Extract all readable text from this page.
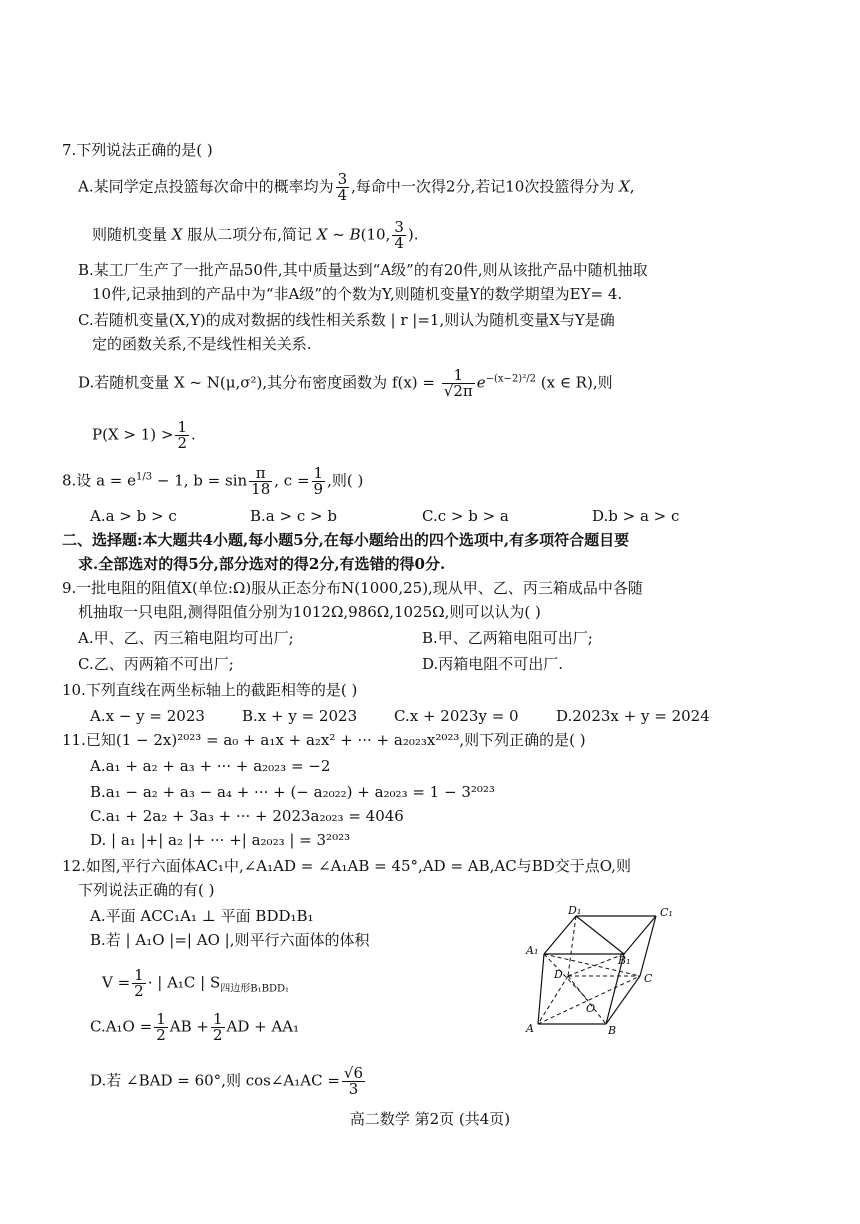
7.下列说法正确的是( )
A.某同学定点投篮每次命中的概率均为 $\frac{3}{4}$ ,每命中一次得2分,若记10次投篮得分为 X,
则随机变量 X 服从二项分布,简记 X ~ B(10, $\frac{3}{4}$ ).
B.某工厂生产了一批产品50件,其中质量达到“A级”的有20件,则从该批产品中随机抽取
10件,记录抽到的产品中为“非A级”的个数为Y,则随机变量Y的数学期望为EY= 4.
C.若随机变量(X,Y)的成对数据的线性相关系数 | r |=1,则认为随机变量X与Y是确
定的函数关系,不是线性相关关系.
D.若随机变量 X ~ N(μ,σ²),其分布密度函数为 $f(x) = \frac{1}{√2\pi} e^{-(x-2)^2/2}$ (x ∈ R),则
$P(X > 1) > \frac{1}{2}$ .
8.设 $a = e^{1/3} - 1$, $b = \sin \frac{\pi}{18}$ , $c = \frac{1}{9}$ ,则( )
A.a > b > c	B.a > c > b	C.c > b > a	D.b > a > c
二、选择题:本大题共4小题,每小题5分,在每小题给出的四个选项中,有多项符合题目要
求.全部选对的得5分,部分选对的得2分,有选错的得0分.
9.一批电阻的阻值X(单位:Ω)服从正态分布N(1000,25),现从甲、乙、丙三箱成品中各随
机抽取一只电阻,测得阻值分别为1012Ω,986Ω,1025Ω,则可以认为( )
A.甲、乙、丙三箱电阻均可出厂;	B.甲、乙两箱电阻可出厂;
C.乙、丙两箱不可出厂;	D.丙箱电阻不可出厂.
10.下列直线在两坐标轴上的截距相等的是( )
A.x − y = 2023 B.x + y = 2023 C.x + 2023y = 0 D.2023x + y = 2024
11.已知(1 − 2x)²⁰²³ = a₀ + a₁x + a₂x² + ··· + a₂₀₂₃x²⁰²³,则下列正确的是( )
A.a₁ + a₂ + a₃ + ··· + a₂₀₂₃ = −2
B.a₁ − a₂ + a₃ − a₄ + ··· + (− a₂₀₂₂) + a₂₀₂₃ = 1 − 3²⁰²³
C.a₁ + 2a₂ + 3a₃ + ··· + 2023a₂₀₂₃ = 4046
D. | a₁ |+| a₂ |+ ··· +| a₂₀₂₃ | = 3²⁰²³
12.如图,平行六面体AC₁中,∠A₁AD = ∠A₁AB = 45°,AD = AB,AC与BD交于点O,则
下列说法正确的有( )
A.平面 ACC₁A₁ ⊥ 平面 BDD₁B₁
B.若 | A₁O |=| AO |,则平行六面体的体积
$V = \frac{1}{2}$ · | A₁C | $S_{四边形B_1BDD_1}$
$C.A_1O = \frac{1}{2}$ AB + $\frac{1}{2}$ AD + AA₁
D.若 ∠BAD = 60°,则 cos∠A₁AC = $\frac{√6}{3}$
D₁	C₁
A₁
B₁
D	C
O
A	B
高二数学 第2页 (共4页)
